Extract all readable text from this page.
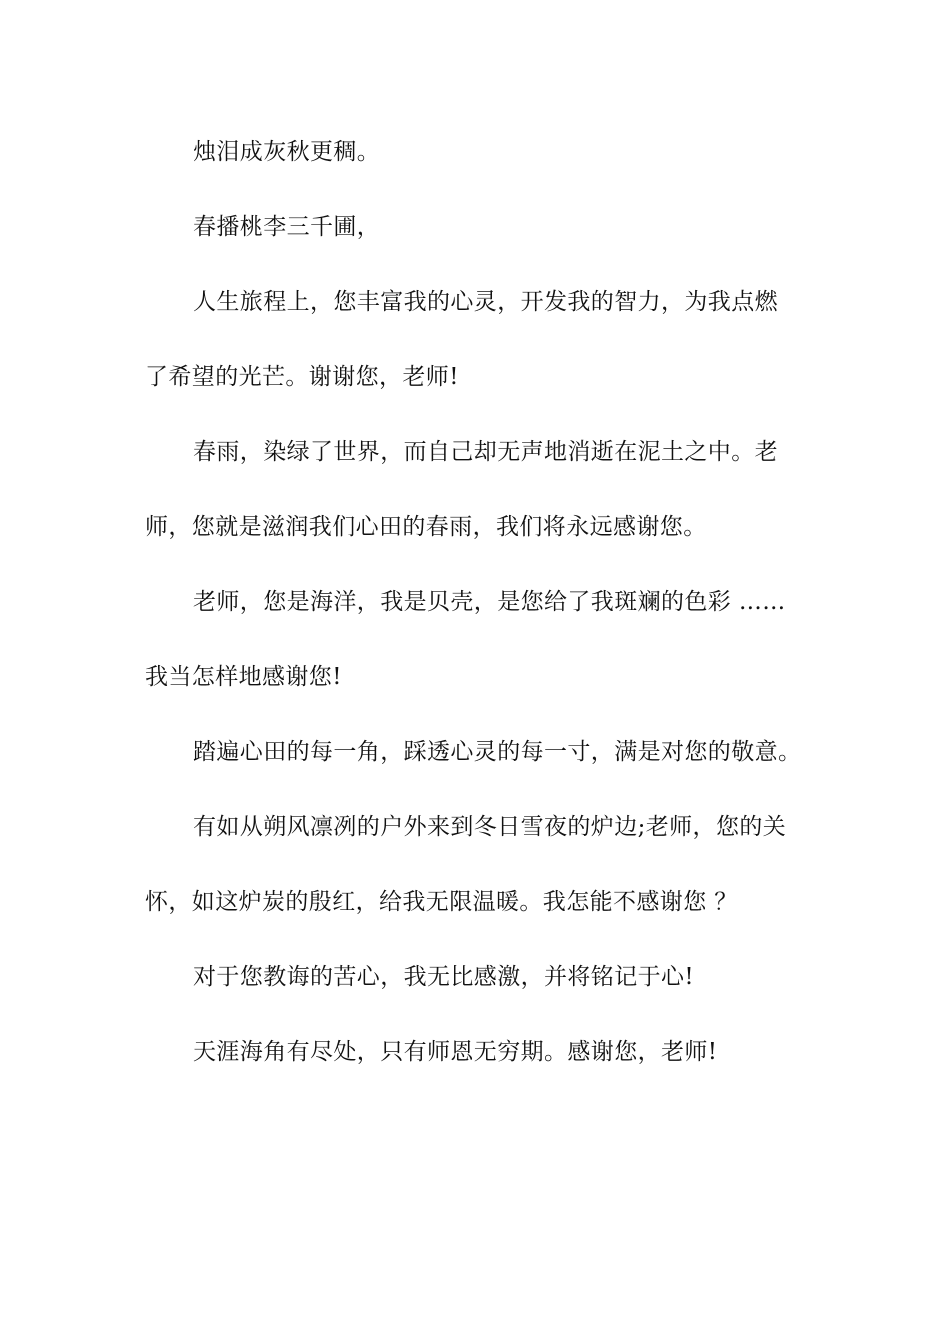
烛泪成灰秋更稠。
春播桃李三千圃，
人生旅程上，您丰富我的心灵，开发我的智力，为我点燃
了希望的光芒。谢谢您，老师!
春雨，染绿了世界，而自己却无声地消逝在泥土之中。老
师，您就是滋润我们心田的春雨，我们将永远感谢您。
老师，您是海洋，我是贝壳，是您给了我斑斓的色彩 ……
我当怎样地感谢您!
踏遍心田的每一角，踩透心灵的每一寸，满是对您的敬意。
有如从朔风凛冽的户外来到冬日雪夜的炉边;老师，您的关
怀，如这炉炭的殷红，给我无限温暖。我怎能不感谢您 ？
对于您教诲的苦心，我无比感激，并将铭记于心!
天涯海角有尽处，只有师恩无穷期。感谢您，老师!
